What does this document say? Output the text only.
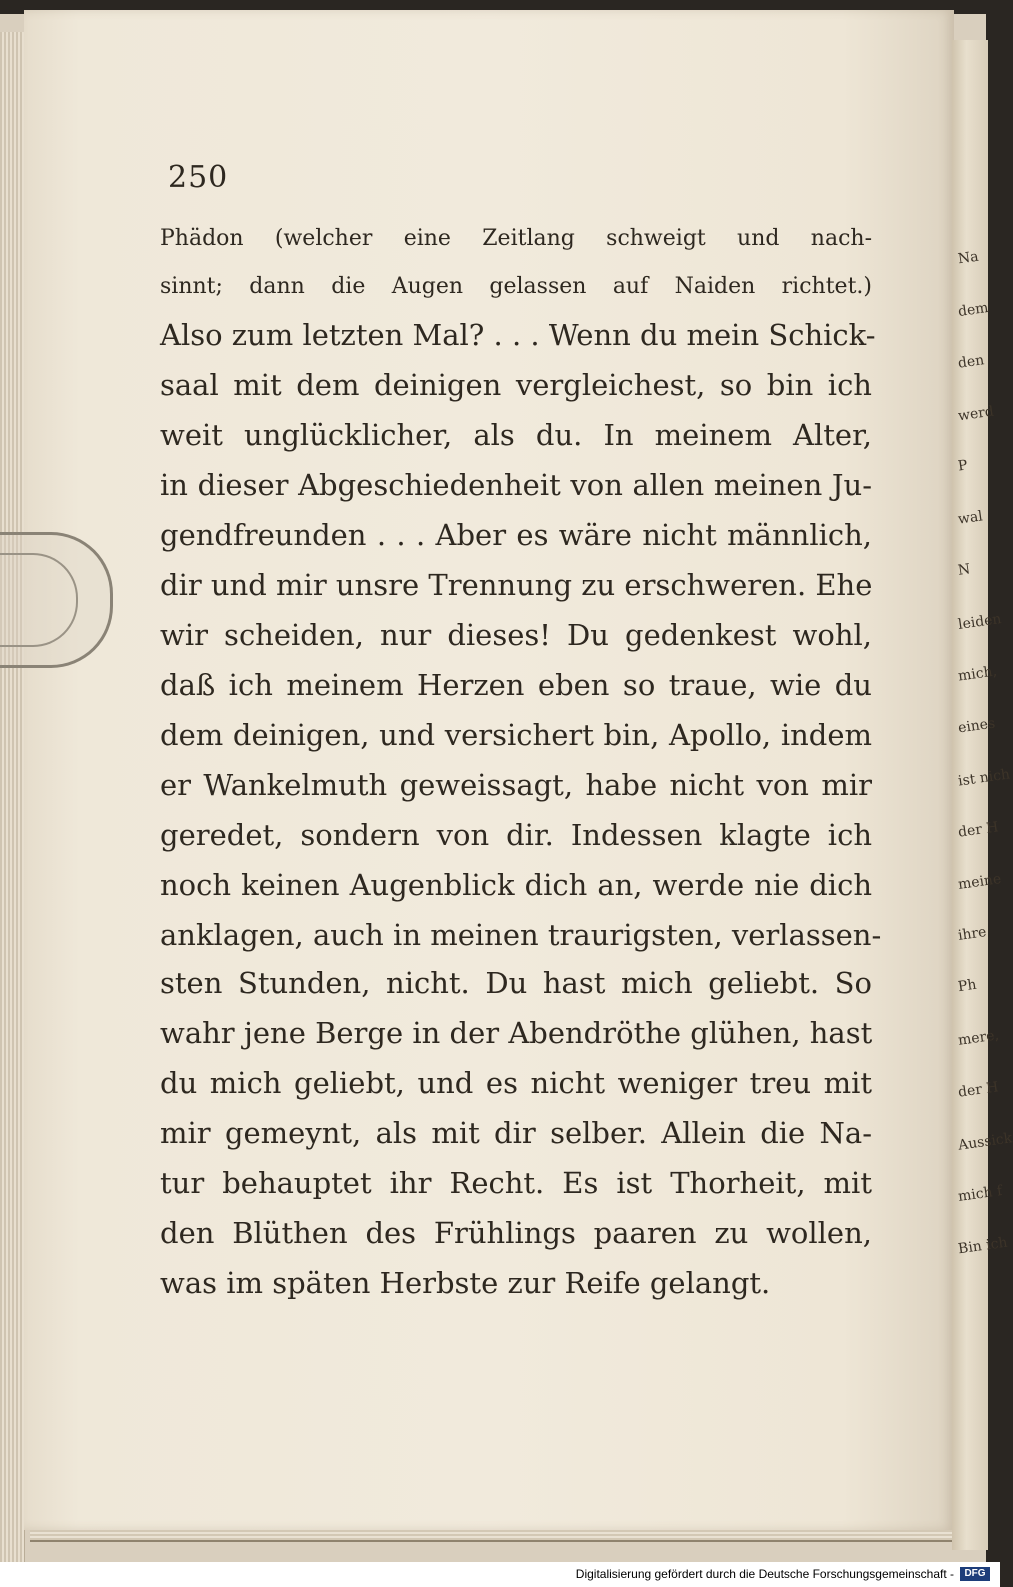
Na
dem
den
werd
P
wal
N
leiden
mich,
eines
ist nich
der H
meine
ihre
Ph
mere,
der H
Aussick
mich f
Bin ich
250
Phädon (welcher eine Zeitlang schweigt und nach-
sinnt; dann die Augen gelassen auf Naiden richtet.)
Also zum letzten Mal? . . . Wenn du mein Schick-
saal mit dem deinigen vergleichest, so bin ich
weit unglücklicher, als du. In meinem Alter,
in dieser Abgeschiedenheit von allen meinen Ju-
gendfreunden . . . Aber es wäre nicht männlich,
dir und mir unsre Trennung zu erschweren. Ehe
wir scheiden, nur dieses! Du gedenkest wohl,
daß ich meinem Herzen eben so traue, wie du
dem deinigen, und versichert bin, Apollo, indem
er Wankelmuth geweissagt, habe nicht von mir
geredet, sondern von dir. Indessen klagte ich
noch keinen Augenblick dich an, werde nie dich
anklagen, auch in meinen traurigsten, verlassen-
sten Stunden, nicht. Du hast mich geliebt. So
wahr jene Berge in der Abendröthe glühen, hast
du mich geliebt, und es nicht weniger treu mit
mir gemeynt, als mit dir selber. Allein die Na-
tur behauptet ihr Recht. Es ist Thorheit, mit
den Blüthen des Frühlings paaren zu wollen,
was im späten Herbste zur Reife gelangt.
Digitalisierung gefördert durch die Deutsche Forschungsgemeinschaft -	DFG
